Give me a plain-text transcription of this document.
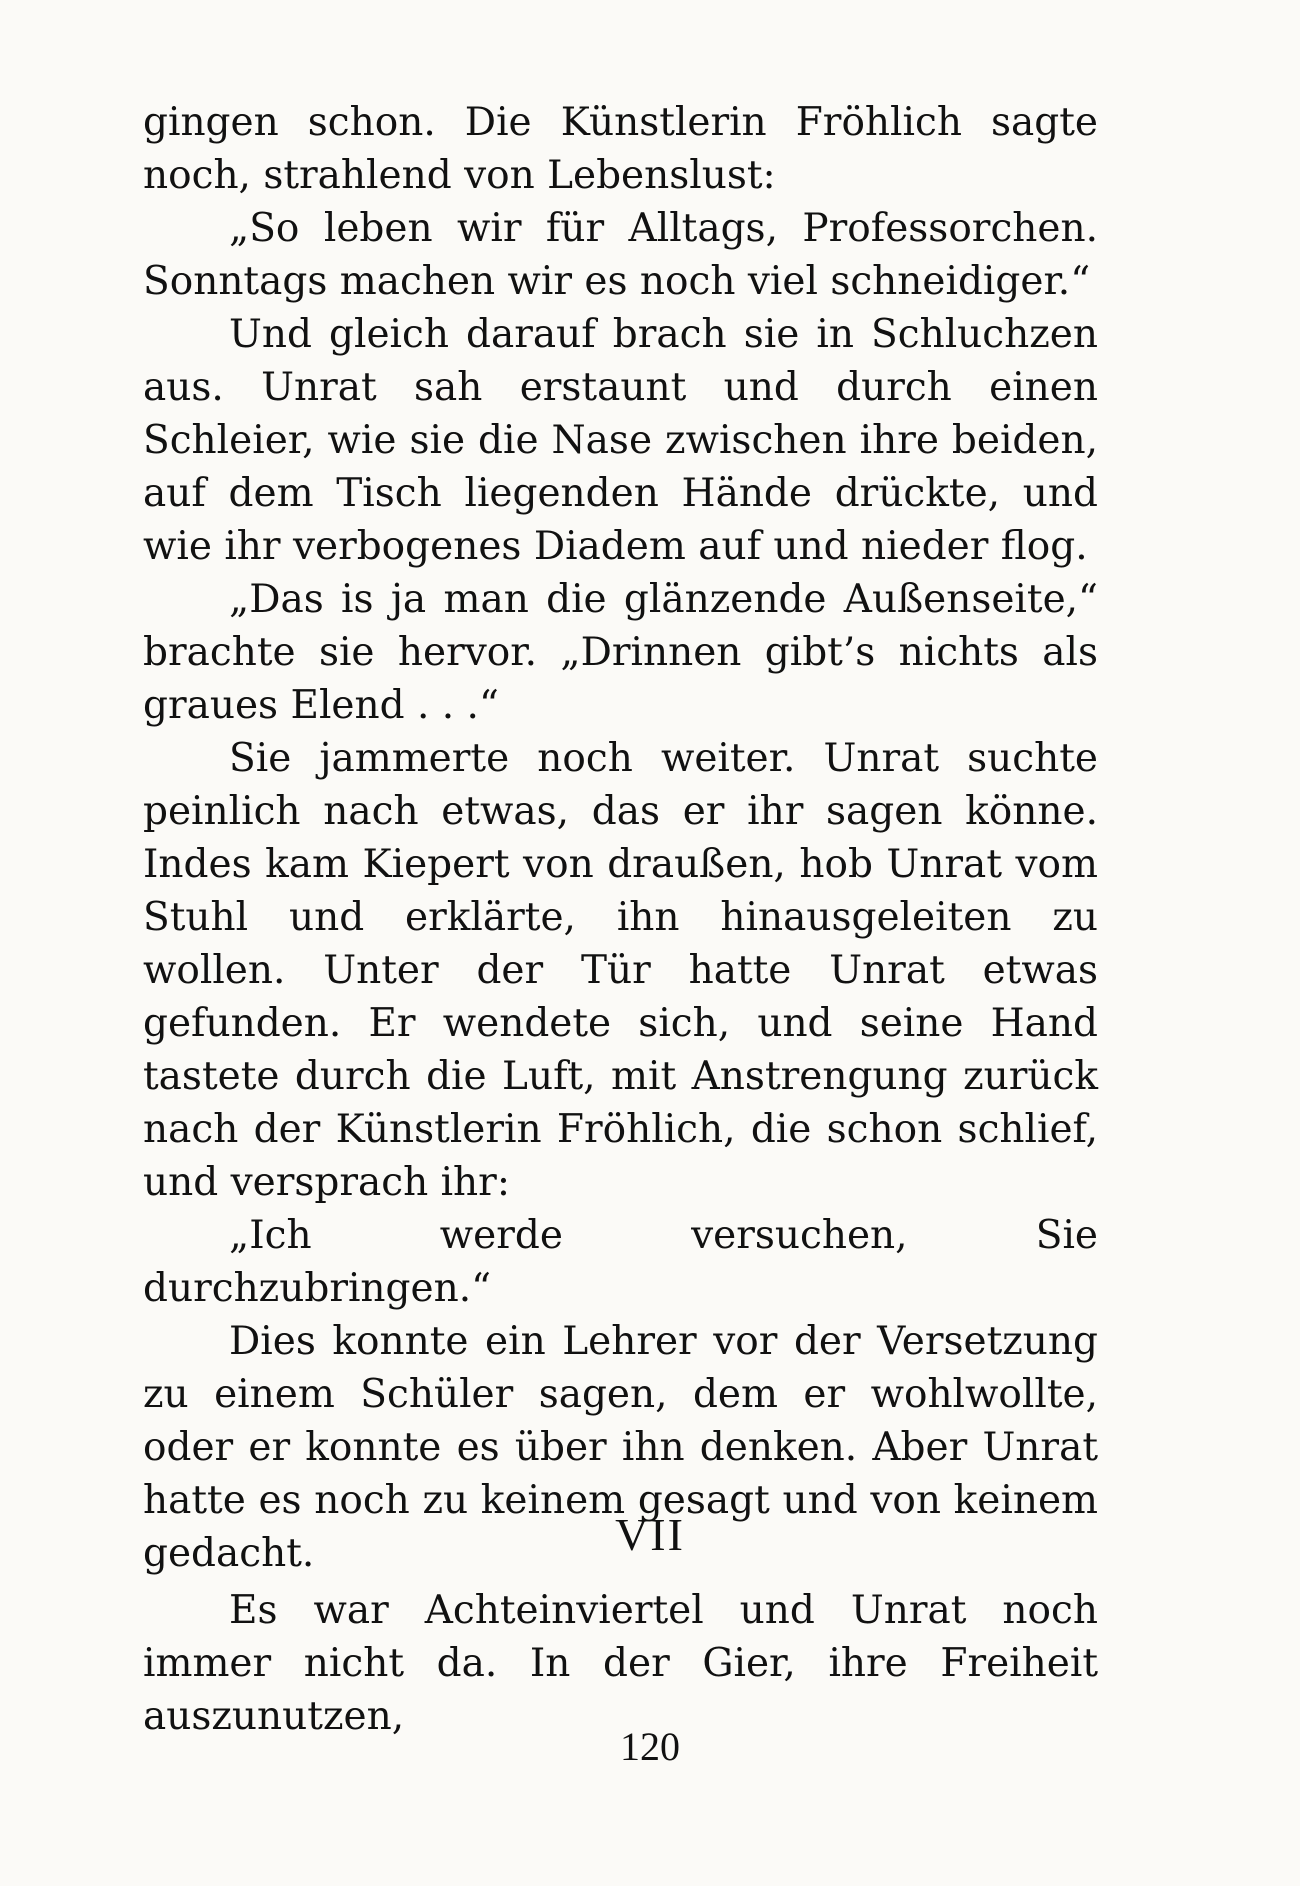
gingen schon. Die Künstlerin Fröhlich sagte noch, strahlend von Lebenslust:

„So leben wir für Alltags, Professorchen. Sonntags machen wir es noch viel schneidiger.“

Und gleich darauf brach sie in Schluchzen aus. Unrat sah erstaunt und durch einen Schleier, wie sie die Nase zwischen ihre beiden, auf dem Tisch liegenden Hände drückte, und wie ihr verbogenes Diadem auf und nieder flog.

„Das is ja man die glänzende Außenseite,“ brachte sie hervor. „Drinnen gibt’s nichts als graues Elend . . .“

Sie jammerte noch weiter. Unrat suchte peinlich nach etwas, das er ihr sagen könne. Indes kam Kiepert von draußen, hob Unrat vom Stuhl und erklärte, ihn hinausgeleiten zu wollen. Unter der Tür hatte Unrat etwas gefunden. Er wendete sich, und seine Hand tastete durch die Luft, mit Anstrengung zurück nach der Künstlerin Fröhlich, die schon schlief, und versprach ihr:

„Ich werde versuchen, Sie durchzubringen.“

Dies konnte ein Lehrer vor der Versetzung zu einem Schüler sagen, dem er wohlwollte, oder er konnte es über ihn denken. Aber Unrat hatte es noch zu keinem gesagt und von keinem gedacht.	VII

Es war Achteinviertel und Unrat noch immer nicht da. In der Gier, ihre Freiheit auszunutzen,

120
